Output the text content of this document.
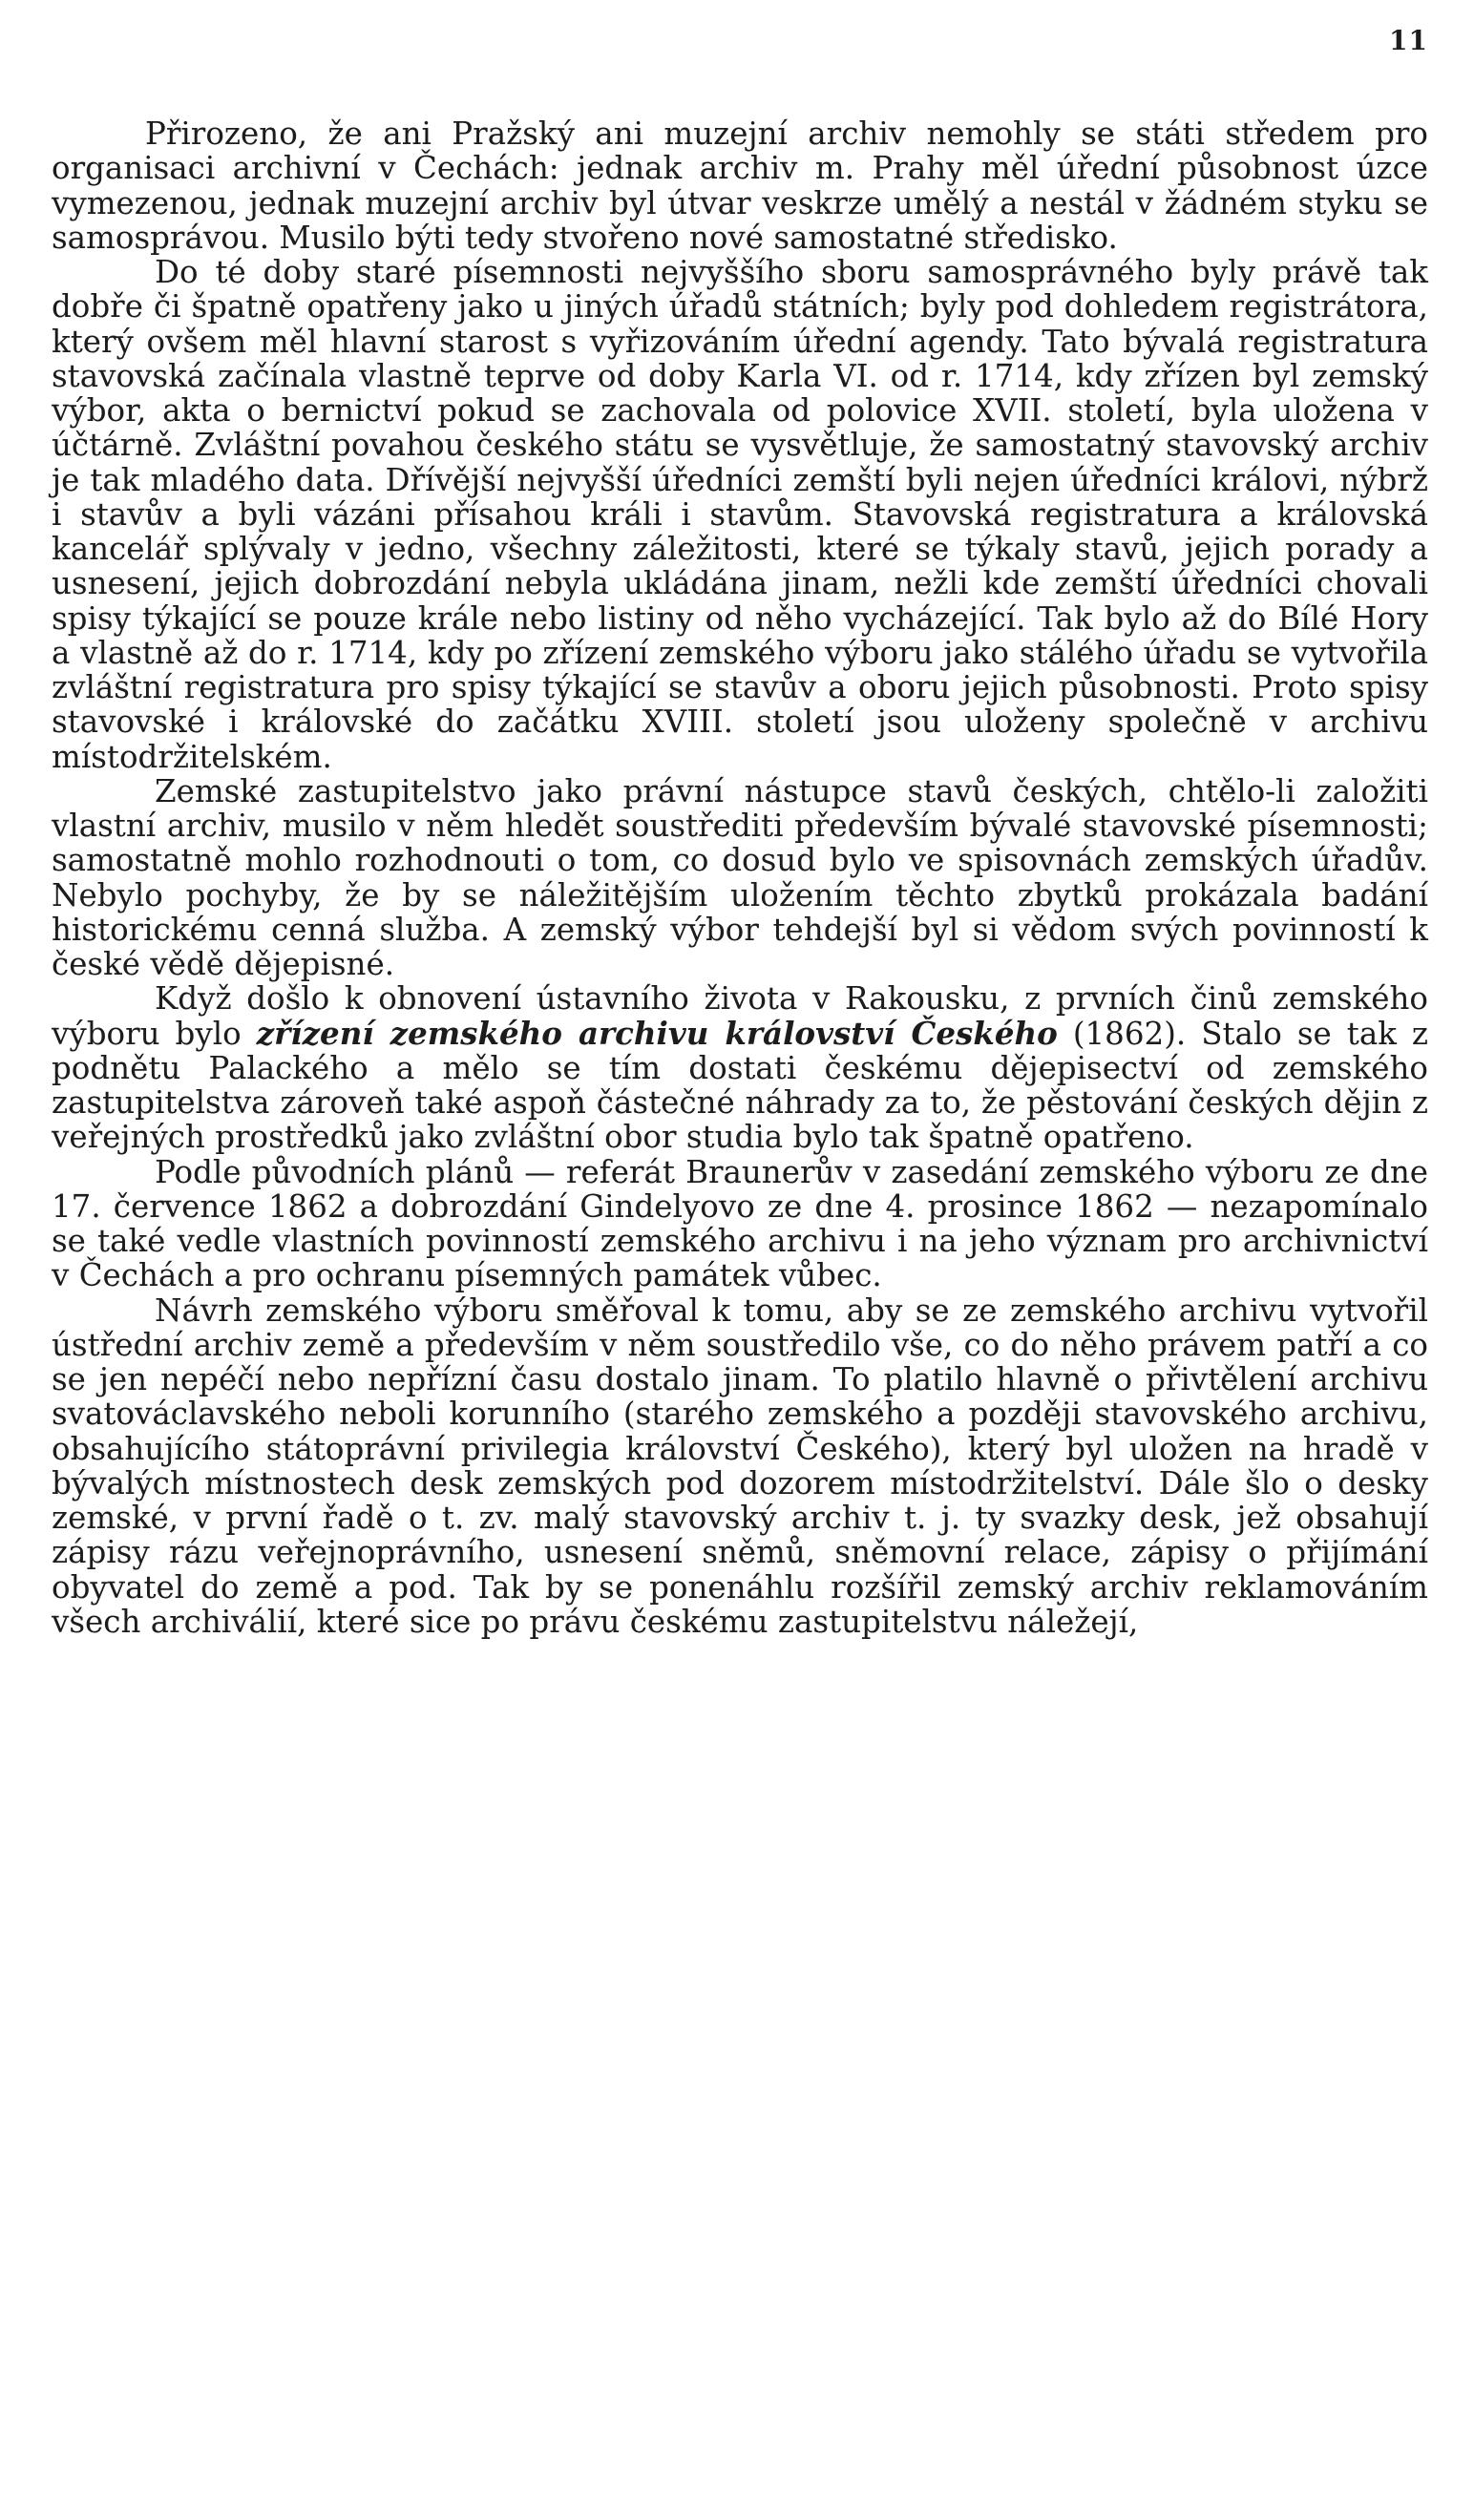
11

Přirozeno, že ani Pražský ani muzejní archiv nemohly se státi středem pro organisaci archivní v Čechách: jednak archiv m. Prahy měl úřední působnost úzce vymezenou, jednak muzejní archiv byl útvar veskrze umělý a nestál v žádném styku se samosprávou. Musilo býti tedy stvořeno nové samostatné středisko.

Do té doby staré písemnosti nejvyššího sboru samosprávného byly právě tak dobře či špatně opatřeny jako u jiných úřadů státních; byly pod dohledem registrátora, který ovšem měl hlavní starost s vyřizováním úřední agendy. Tato bývalá registratura stavovská začínala vlastně teprve od doby Karla VI. od r. 1714, kdy zřízen byl zemský výbor, akta o bernictví pokud se zachovala od polovice XVII. století, byla uložena v účtárně. Zvláštní povahou českého státu se vysvětluje, že samostatný stavovský archiv je tak mladého data. Dřívější nejvyšší úředníci zemští byli nejen úředníci královi, nýbrž i stavův a byli vázáni přísahou králi i stavům. Stavovská registratura a královská kancelář splývaly v jedno, všechny záležitosti, které se týkaly stavů, jejich porady a usnesení, jejich dobrozdání nebyla ukládána jinam, nežli kde zemští úředníci chovali spisy týkající se pouze krále nebo listiny od něho vycházející. Tak bylo až do Bílé Hory a vlastně až do r. 1714, kdy po zřízení zemského výboru jako stálého úřadu se vytvořila zvláštní registratura pro spisy týkající se stavův a oboru jejich působnosti. Proto spisy stavovské i královské do začátku XVIII. století jsou uloženy společně v archivu místodržitelském.

Zemské zastupitelstvo jako právní nástupce stavů českých, chtělo-li založiti vlastní archiv, musilo v něm hledět soustřediti především bývalé stavovské písemnosti; samostatně mohlo rozhodnouti o tom, co dosud bylo ve spisovnách zemských úřadův. Nebylo pochyby, že by se náležitějším uložením těchto zbytků prokázala badání historickému cenná služba. A zemský výbor tehdejší byl si vědom svých povinností k české vědě dějepisné.

Když došlo k obnovení ústavního života v Rakousku, z prvních činů zemského výboru bylo zřízení zemského archivu království Českého (1862). Stalo se tak z podnětu Palackého a mělo se tím dostati českému dějepisectví od zemského zastupitelstva zároveň také aspoň částečné náhrady za to, že pěstování českých dějin z veřejných prostředků jako zvláštní obor studia bylo tak špatně opatřeno.

Podle původních plánů — referát Braunerův v zasedání zemského výboru ze dne 17. července 1862 a dobrozdání Gindelyovo ze dne 4. prosince 1862 — nezapomínalo se také vedle vlastních povinností zemského archivu i na jeho význam pro archivnictví v Čechách a pro ochranu písemných památek vůbec.

Návrh zemského výboru směřoval k tomu, aby se ze zemského archivu vytvořil ústřední archiv země a především v něm soustředilo vše, co do něho právem patří a co se jen nepéčí nebo nepřízní času dostalo jinam. To platilo hlavně o přivtělení archivu svatováclavského neboli korunního (starého zemského a později stavovského archivu, obsahujícího státoprávní privilegia království Českého), který byl uložen na hradě v bývalých místnostech desk zemských pod dozorem místodržitelství. Dále šlo o desky zemské, v první řadě o t. zv. malý stavovský archiv t. j. ty svazky desk, jež obsahují zápisy rázu veřejnoprávního, usnesení sněmů, sněmovní relace, zápisy o přijímání obyvatel do země a pod. Tak by se ponenáhlu rozšířil zemský archiv reklamováním všech archiválií, které sice po právu českému zastupitelstvu náležejí,
